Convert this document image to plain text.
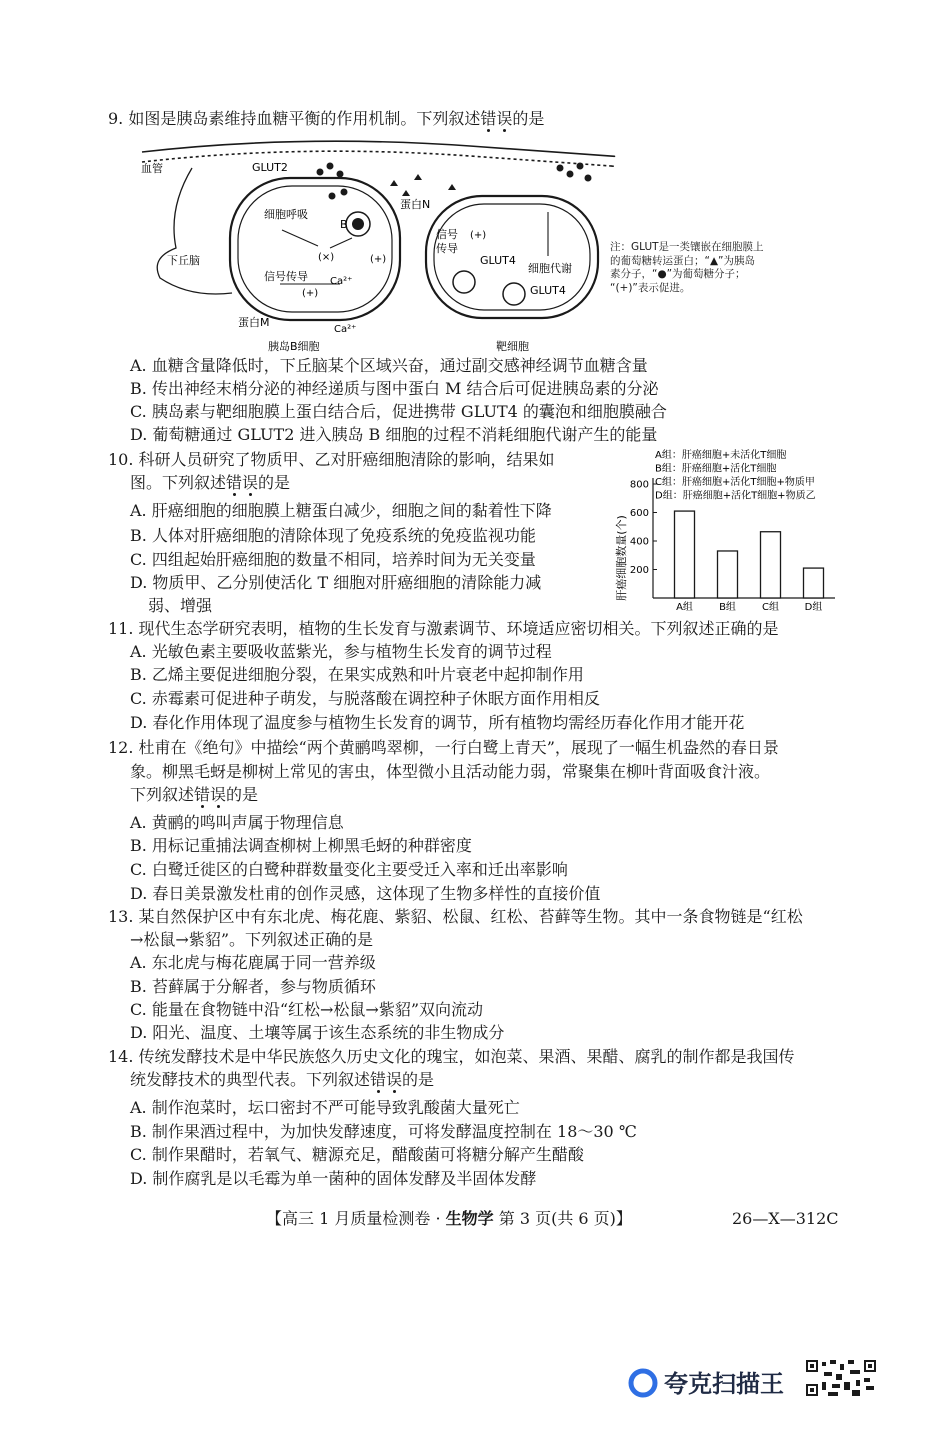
9. 如图是胰岛素维持血糖平衡的作用机制。下列叙述错误的是
血管
下丘脑
GLUT2
细胞呼吸
B
信号传导
(×)	(+)
(+)
Ca²⁺
Ca²⁺
蛋白M
蛋白N
信号
传导
(+)
GLUT4
GLUT4
细胞代谢
胰岛B细胞	靶细胞
注：GLUT是一类镶嵌在细胞膜上
的葡萄糖转运蛋白；“▲”为胰岛
素分子，“●”为葡萄糖分子；
“(+)”表示促进。
A. 血糖含量降低时，下丘脑某个区域兴奋，通过副交感神经调节血糖含量
B. 传出神经末梢分泌的神经递质与图中蛋白 M 结合后可促进胰岛素的分泌
C. 胰岛素与靶细胞膜上蛋白结合后，促进携带 GLUT4 的囊泡和细胞膜融合
D. 葡萄糖通过 GLUT2 进入胰岛 B 细胞的过程不消耗细胞代谢产生的能量
10. 科研人员研究了物质甲、乙对肝癌细胞清除的影响，结果如
图。下列叙述错误的是
A. 肝癌细胞的细胞膜上糖蛋白减少，细胞之间的黏着性下降
B. 人体对肝癌细胞的清除体现了免疫系统的免疫监视功能
C. 四组起始肝癌细胞的数量不相同，培养时间为无关变量
D. 物质甲、乙分别使活化 T 细胞对肝癌细胞的清除能力减
弱、增强
A组：肝癌细胞+未活化T细胞
B组：肝癌细胞+活化T细胞
C组：肝癌细胞+活化T细胞+物质甲
D组：肝癌细胞+活化T细胞+物质乙
肝癌细胞数量(个)
A组	B组	C组	D组
200
400
600
800
11. 现代生态学研究表明，植物的生长发育与激素调节、环境适应密切相关。下列叙述正确的是
A. 光敏色素主要吸收蓝紫光，参与植物生长发育的调节过程
B. 乙烯主要促进细胞分裂，在果实成熟和叶片衰老中起抑制作用
C. 赤霉素可促进种子萌发，与脱落酸在调控种子休眠方面作用相反
D. 春化作用体现了温度参与植物生长发育的调节，所有植物均需经历春化作用才能开花
12. 杜甫在《绝句》中描绘“两个黄鹂鸣翠柳，一行白鹭上青天”，展现了一幅生机盎然的春日景
象。柳黑毛蚜是柳树上常见的害虫，体型微小且活动能力弱，常聚集在柳叶背面吸食汁液。
下列叙述错误的是
A. 黄鹂的鸣叫声属于物理信息
B. 用标记重捕法调查柳树上柳黑毛蚜的种群密度
C. 白鹭迁徙区的白鹭种群数量变化主要受迁入率和迁出率影响
D. 春日美景激发杜甫的创作灵感，这体现了生物多样性的直接价值
13. 某自然保护区中有东北虎、梅花鹿、紫貂、松鼠、红松、苔藓等生物。其中一条食物链是“红松
→松鼠→紫貂”。下列叙述正确的是
A. 东北虎与梅花鹿属于同一营养级
B. 苔藓属于分解者，参与物质循环
C. 能量在食物链中沿“红松→松鼠→紫貂”双向流动
D. 阳光、温度、土壤等属于该生态系统的非生物成分
14. 传统发酵技术是中华民族悠久历史文化的瑰宝，如泡菜、果酒、果醋、腐乳的制作都是我国传
统发酵技术的典型代表。下列叙述错误的是
A. 制作泡菜时，坛口密封不严可能导致乳酸菌大量死亡
B. 制作果酒过程中，为加快发酵速度，可将发酵温度控制在 18～30 ℃
C. 制作果醋时，若氧气、糖源充足，醋酸菌可将糖分解产生醋酸
D. 制作腐乳是以毛霉为单一菌种的固体发酵及半固体发酵
【高三 1 月质量检测卷 · 生物学 第 3 页(共 6 页)】	26—X—312C
夸克扫描王
